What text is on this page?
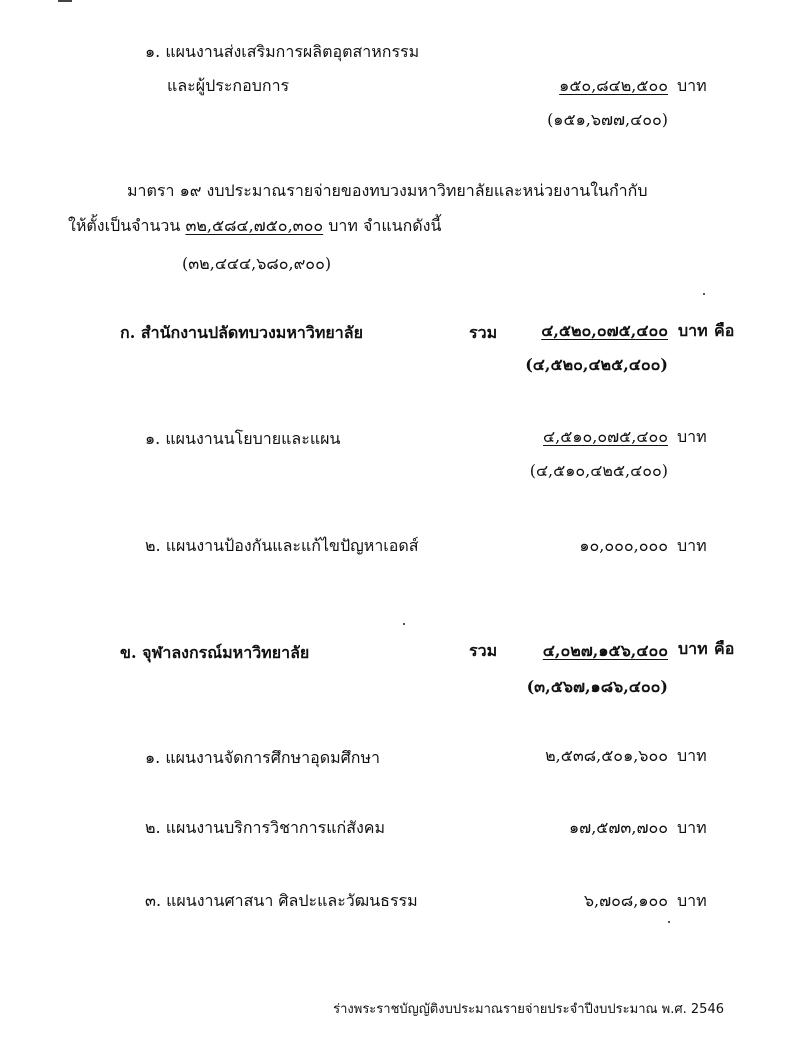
๑. แผนงานส่งเสริมการผลิตอุตสาหกรรม
และผู้ประกอบการ	๑๕๐,๘๔๒,๕๐๐ บาท
(๑๕๑,๖๗๗,๔๐๐)
มาตรา ๑๙ งบประมาณรายจ่ายของทบวงมหาวิทยาลัยและหน่วยงานในกำกับ
ให้ตั้งเป็นจำนวน ๓๒,๕๘๔,๗๕๐,๓๐๐ บาท จำแนกดังนี้
(๓๒,๔๔๔,๖๘๐,๙๐๐)
ก. สำนักงานปลัดทบวงมหาวิทยาลัย	รวม	๔,๕๒๐,๐๗๕,๔๐๐ บาท คือ
(๔,๕๒๐,๔๒๕,๔๐๐)
๑. แผนงานนโยบายและแผน	๔,๕๑๐,๐๗๕,๔๐๐ บาท
(๔,๕๑๐,๔๒๕,๔๐๐)
๒. แผนงานป้องกันและแก้ไขปัญหาเอดส์	๑๐,๐๐๐,๐๐๐ บาท
ข. จุฬาลงกรณ์มหาวิทยาลัย	รวม	๔,๐๒๗,๑๕๖,๔๐๐ บาท คือ
(๓,๕๖๗,๑๘๖,๔๐๐)
๑. แผนงานจัดการศึกษาอุดมศึกษา	๒,๕๓๘,๕๐๑,๖๐๐ บาท
๒. แผนงานบริการวิชาการแก่สังคม	๑๗,๕๗๓,๗๐๐ บาท
๓. แผนงานศาสนา ศิลปะและวัฒนธรรม	๖,๗๐๘,๑๐๐ บาท
ร่างพระราชบัญญัติงบประมาณรายจ่ายประจำปีงบประมาณ พ.ศ. 2546
